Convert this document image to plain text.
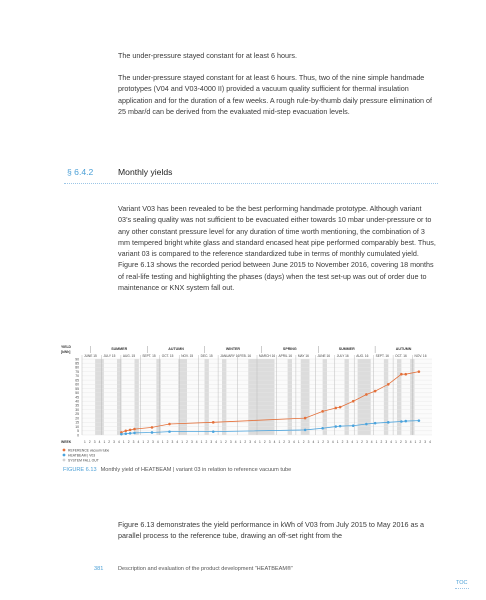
The under-pressure stayed constant for at least 6 hours.

The under-pressure stayed constant for at least 6 hours. Thus, two of the nine simple handmade prototypes (V04 and V03-4000 II) provided a vacuum quality sufficient for thermal insulation application and for the duration of a few weeks. A rough rule-by-thumb daily pressure elimination of 25 mbar/d can be derived from the evaluated mid-step evacuation levels.

§ 6.4.2	Monthly yields

Variant V03 has been revealed to be the best performing handmade prototype. Although variant 03’s sealing quality was not sufficient to be evacuated either towards 10 mbar under-pressure or to any other constant pressure level for any duration of time worth mentioning, the combination of 3 mm tempered bright white glass and standard encased heat pipe performed comparably best. Thus, variant 03 is compared to the reference standardized tube in terms of monthly cumulated yield. Figure 6.13 shows the recorded period between June 2015 to November 2016, covering 18 months of real-life testing and highlighting the phases (days) when the test set-up was out of order due to maintenance or KNX system fall out.

0
5
10
15
20
25
30
35
40
45
50
55
60
65
70
75
80
85
90
JUNE 15
1 2 3 4
JULY 15
1 2 3 4
AUG. 15
1 2 3 4
SEPT. 15
1 2 3 4
OCT. 15
1 2 3 4
NOV. 15
1 2 3 4
DEC. 15
1 2 3 4
JANUARY 16
1 2 3 4
FEB. 16
1 2 3 4
MARCH 16
1 2 3 4
APRIL 16
1 2 3 4
MAY 16
1 2 3 4
JUNE 16
1 2 3 4
JULY 16
1 2 3 4
AUG. 16
1 2 3 4
SEPT. 16
1 2 3 4
OCT. 16
1 2 3 4
NOV. 16
1 2 3 4
SUMMER	AUTUMN	WINTER	SPRING	SUMMER	AUTUMN
YIELD
[kWh]
WEEK
REFERENCE vacuum tube
HEATBEAM | V03
SYSTEM FALL OUT
FIGURE 6.13 Monthly yield of HEATBEAM | variant 03 in relation to reference vacuum tube

Figure 6.13 demonstrates the yield performance in kWh of V03 from July 2015 to May 2016 as a parallel process to the reference tube, drawing an off-set right from the

381	Description and evaluation of the product development “HEATBEAM®”
TOC
